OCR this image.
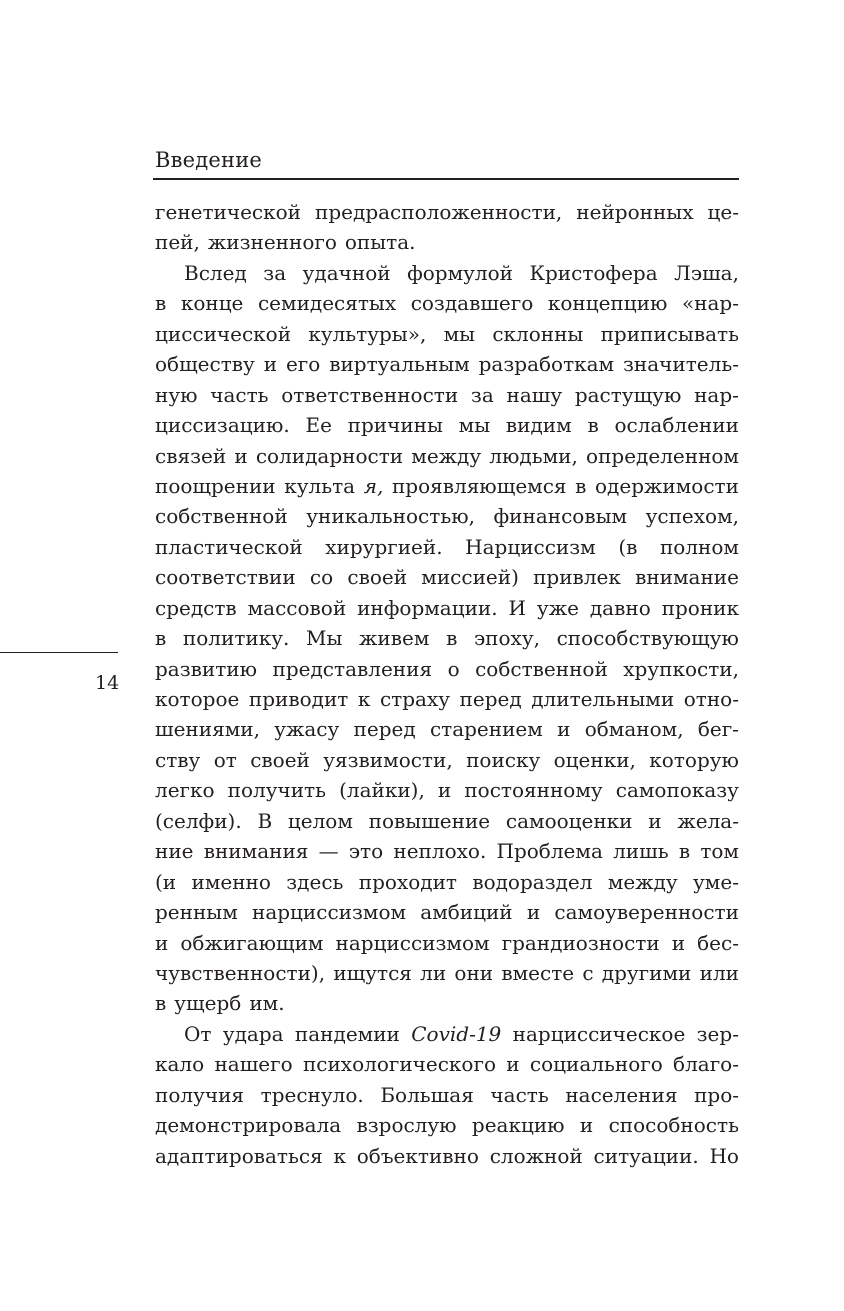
Введение
14
генетической предрасположенности, нейронных це-
пей, жизненного опыта.
Вслед за удачной формулой Кристофера Лэша,
в конце семидесятых создавшего концепцию «нар-
циссической культуры», мы склонны приписывать
обществу и его виртуальным разработкам значитель-
ную часть ответственности за нашу растущую нар-
циссизацию. Ее причины мы видим в ослаблении
связей и солидарности между людьми, определенном
поощрении культа я, проявляющемся в одержимости
собственной уникальностью, финансовым успехом,
пластической хирургией. Нарциссизм (в полном
соответствии со своей миссией) привлек внимание
средств массовой информации. И уже давно проник
в политику. Мы живем в эпоху, способствующую
развитию представления о собственной хрупкости,
которое приводит к страху перед длительными отно-
шениями, ужасу перед старением и обманом, бег-
ству от своей уязвимости, поиску оценки, которую
легко получить (лайки), и постоянному самопоказу
(селфи). В целом повышение самооценки и жела-
ние внимания — это неплохо. Проблема лишь в том
(и именно здесь проходит водораздел между уме-
ренным нарциссизмом амбиций и самоуверенности
и обжигающим нарциссизмом грандиозности и бес-
чувственности), ищутся ли они вместе с другими или
в ущерб им.
От удара пандемии Covid-19 нарциссическое зер-
кало нашего психологического и социального благо-
получия треснуло. Большая часть населения про-
демонстрировала взрослую реакцию и способность
адаптироваться к объективно сложной ситуации. Но
